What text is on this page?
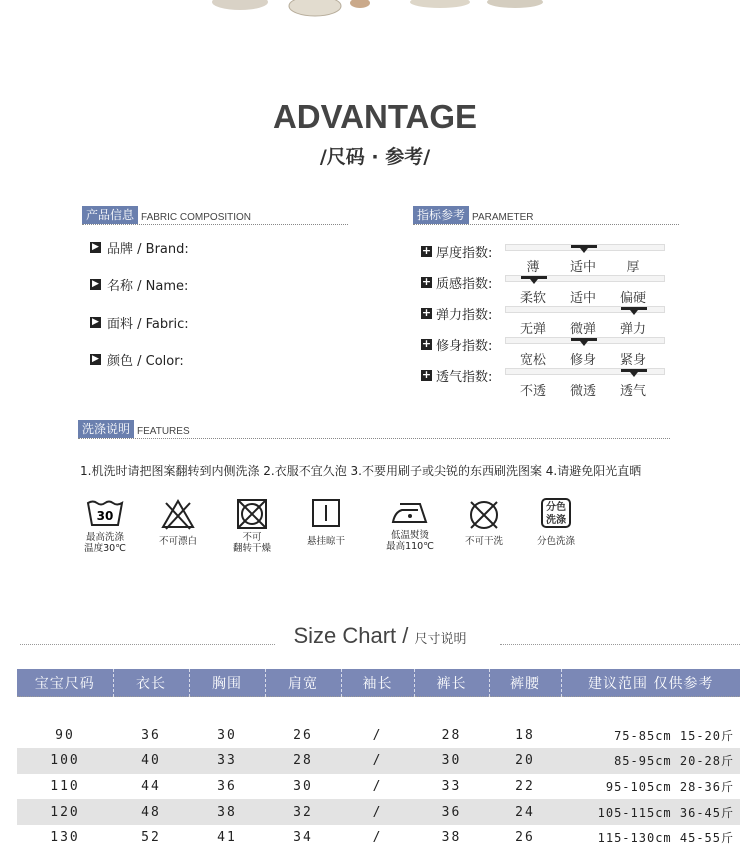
ADVANTAGE
/尺码 · 参考/
产品信息 FABRIC COMPOSITION
▶ 品牌 / Brand:
▶ 名称 / Name:
▶ 面料 / Fabric:
▶ 颜色 / Color:
指标参考 PARAMETER
+ 厚度指数:
薄 适中 厚
+ 质感指数:
柔软 适中 偏硬
+ 弹力指数:
无弹 微弹 弹力
+ 修身指数:
宽松 修身 紧身
+ 透气指数:
不透 微透 透气
洗涤说明 FEATURES
1.机洗时请把图案翻转到内侧洗涤 2.衣服不宜久泡 3.不要用刷子或尖锐的东西刷洗图案 4.请避免阳光直晒
30
最高洗涤
温度30℃
不可漂白	不可
翻转干燥
悬挂晾干
低温熨烫
最高110℃	不可干洗
分色
洗涤
分色洗涤
Size Chart / 尺寸说明
宝宝尺码	衣长	胸围	肩宽	袖长	裤长	裤腰	建议范围 仅供参考

90	36	30	26	/	28	18	75-85cm 15-20斤
100	40	33	28	/	30	20	85-95cm 20-28斤
110	44	36	30	/	33	22	95-105cm 28-36斤
120	48	38	32	/	36	24	105-115cm 36-45斤
130	52	41	34	/	38	26	115-130cm 45-55斤
